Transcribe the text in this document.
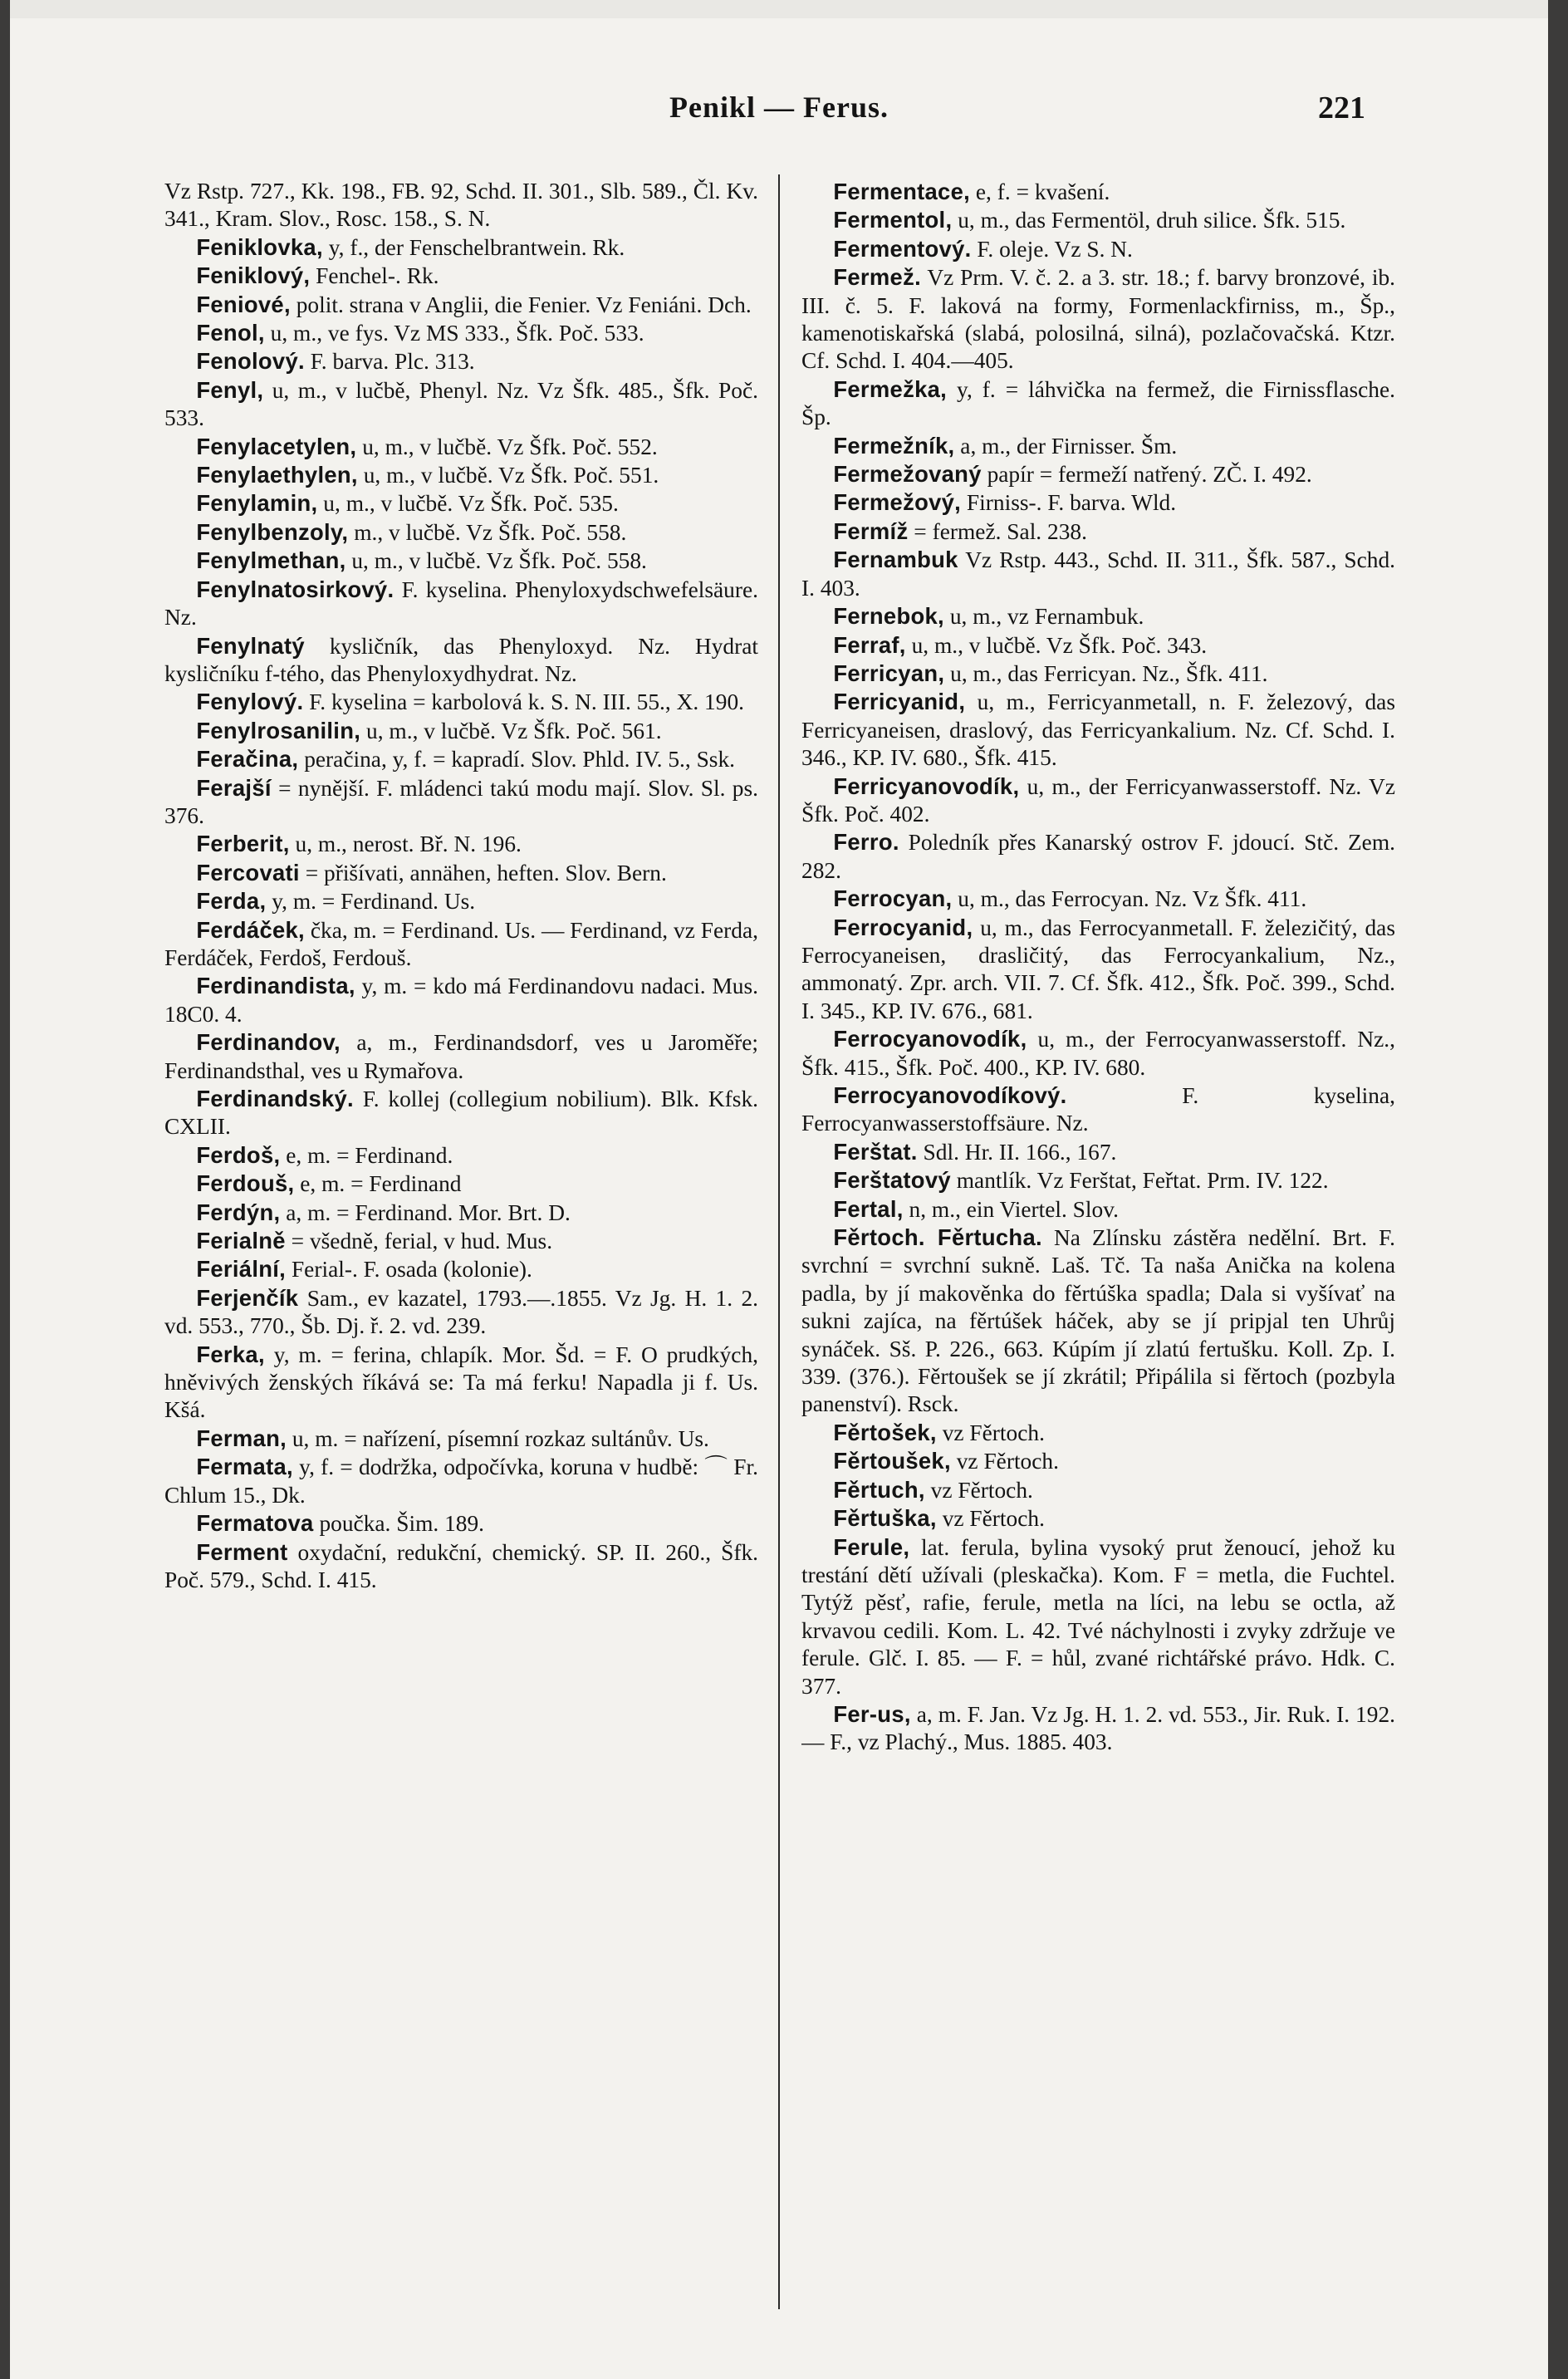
Penikl — Ferus.	221

Vz Rstp. 727., Kk. 198., FB. 92, Schd. II. 301., Slb. 589., Čl. Kv. 341., Kram. Slov., Rosc. 158., S. N.

Feniklovka, y, f., der Fenschelbrantwein. Rk.

Feniklový, Fenchel-. Rk.

Feniové, polit. strana v Anglii, die Fenier. Vz Feniáni. Dch.

Fenol, u, m., ve fys. Vz MS 333., Šfk. Poč. 533.

Fenolový. F. barva. Plc. 313.

Fenyl, u, m., v lučbě, Phenyl. Nz. Vz Šfk. 485., Šfk. Poč. 533.

Fenylacetylen, u, m., v lučbě. Vz Šfk. Poč. 552.

Fenylaethylen, u, m., v lučbě. Vz Šfk. Poč. 551.

Fenylamin, u, m., v lučbě. Vz Šfk. Poč. 535.

Fenylbenzoly, m., v lučbě. Vz Šfk. Poč. 558.

Fenylmethan, u, m., v lučbě. Vz Šfk. Poč. 558.

Fenylnatosirkový. F. kyselina. Phenyloxydschwefelsäure. Nz.

Fenylnatý kysličník, das Phenyloxyd. Nz. Hydrat kysličníku f-tého, das Phenyloxydhydrat. Nz.

Fenylový. F. kyselina = karbolová k. S. N. III. 55., X. 190.

Fenylrosanilin, u, m., v lučbě. Vz Šfk. Poč. 561.

Feračina, peračina, y, f. = kapradí. Slov. Phld. IV. 5., Ssk.

Ferajší = nynější. F. mládenci takú modu mají. Slov. Sl. ps. 376.

Ferberit, u, m., nerost. Bř. N. 196.

Fercovati = přišívati, annähen, heften. Slov. Bern.

Ferda, y, m. = Ferdinand. Us.

Ferdáček, čka, m. = Ferdinand. Us. — Ferdinand, vz Ferda, Ferdáček, Ferdoš, Ferdouš.

Ferdinandista, y, m. = kdo má Ferdinandovu nadaci. Mus. 18C0. 4.

Ferdinandov, a, m., Ferdinandsdorf, ves u Jaroměře; Ferdinandsthal, ves u Rymařova.

Ferdinandský. F. kollej (collegium nobilium). Blk. Kfsk. CXLII.

Ferdoš, e, m. = Ferdinand.

Ferdouš, e, m. = Ferdinand

Ferdýn, a, m. = Ferdinand. Mor. Brt. D.

Ferialně = všedně, ferial, v hud. Mus.

Feriální, Ferial-. F. osada (kolonie).

Ferjenčík Sam., ev kazatel, 1793.—.1855. Vz Jg. H. 1. 2. vd. 553., 770., Šb. Dj. ř. 2. vd. 239.

Ferka, y, m. = ferina, chlapík. Mor. Šd. = F. O prudkých, hněvivých ženských říkává se: Ta má ferku! Napadla ji f. Us. Kšá.

Ferman, u, m. = nařízení, písemní rozkaz sultánův. Us.

Fermata, y, f. = dodržka, odpočívka, koruna v hudbě: ⌒ Fr. Chlum 15., Dk.

Fermatova poučka. Šim. 189.

Ferment oxydační, redukční, chemický. SP. II. 260., Šfk. Poč. 579., Schd. I. 415.

Fermentace, e, f. = kvašení.

Fermentol, u, m., das Fermentöl, druh silice. Šfk. 515.

Fermentový. F. oleje. Vz S. N.

Fermež. Vz Prm. V. č. 2. a 3. str. 18.; f. barvy bronzové, ib. III. č. 5. F. laková na formy, Formenlackfirniss, m., Šp., kamenotiskařská (slabá, polosilná, silná), pozlačovačská. Ktzr. Cf. Schd. I. 404.—405.

Fermežka, y, f. = láhvička na fermež, die Firnissflasche. Šp.

Fermežník, a, m., der Firnisser. Šm.

Fermežovaný papír = fermeží natřený. ZČ. I. 492.

Fermežový, Firniss-. F. barva. Wld.

Fermíž = fermež. Sal. 238.

Fernambuk Vz Rstp. 443., Schd. II. 311., Šfk. 587., Schd. I. 403.

Fernebok, u, m., vz Fernambuk.

Ferraf, u, m., v lučbě. Vz Šfk. Poč. 343.

Ferricyan, u, m., das Ferricyan. Nz., Šfk. 411.

Ferricyanid, u, m., Ferricyanmetall, n. F. železový, das Ferricyaneisen, draslový, das Ferricyankalium. Nz. Cf. Schd. I. 346., KP. IV. 680., Šfk. 415.

Ferricyanovodík, u, m., der Ferricyanwasserstoff. Nz. Vz Šfk. Poč. 402.

Ferro. Poledník přes Kanarský ostrov F. jdoucí. Stč. Zem. 282.

Ferrocyan, u, m., das Ferrocyan. Nz. Vz Šfk. 411.

Ferrocyanid, u, m., das Ferrocyanmetall. F. železičitý, das Ferrocyaneisen, drasličitý, das Ferrocyankalium, Nz., ammonatý. Zpr. arch. VII. 7. Cf. Šfk. 412., Šfk. Poč. 399., Schd. I. 345., KP. IV. 676., 681.

Ferrocyanovodík, u, m., der Ferrocyanwasserstoff. Nz., Šfk. 415., Šfk. Poč. 400., KP. IV. 680.

Ferrocyanovodíkový. F. kyselina, Ferrocyanwasserstoffsäure. Nz.

Ferštat. Sdl. Hr. II. 166., 167.

Ferštatový mantlík. Vz Ferštat, Feřtat. Prm. IV. 122.

Fertal, n, m., ein Viertel. Slov.

Fěrtoch. Fěrtucha. Na Zlínsku zástěra nedělní. Brt. F. svrchní = svrchní sukně. Laš. Tč. Ta naša Anička na kolena padla, by jí makověnka do fěrtúška spadla; Dala si vyšívať na sukni zajíca, na fěrtúšek háček, aby se jí pripjal ten Uhrůj synáček. Sš. P. 226., 663. Kúpím jí zlatú fertušku. Koll. Zp. I. 339. (376.). Fěrtoušek se jí zkrátil; Připálila si fěrtoch (pozbyla panenství). Rsck.

Fěrtošek, vz Fěrtoch.

Fěrtoušek, vz Fěrtoch.

Fěrtuch, vz Fěrtoch.

Fěrtuška, vz Fěrtoch.

Ferule, lat. ferula, bylina vysoký prut ženoucí, jehož ku trestání dětí užívali (pleskačka). Kom. F = metla, die Fuchtel. Tytýž pěsť, rafie, ferule, metla na líci, na lebu se octla, až krvavou cedili. Kom. L. 42. Tvé náchylnosti i zvyky zdržuje ve ferule. Glč. I. 85. — F. = hůl, zvané richtářské právo. Hdk. C. 377.

Fer-us, a, m. F. Jan. Vz Jg. H. 1. 2. vd. 553., Jir. Ruk. I. 192. — F., vz Plachý., Mus. 1885. 403.
